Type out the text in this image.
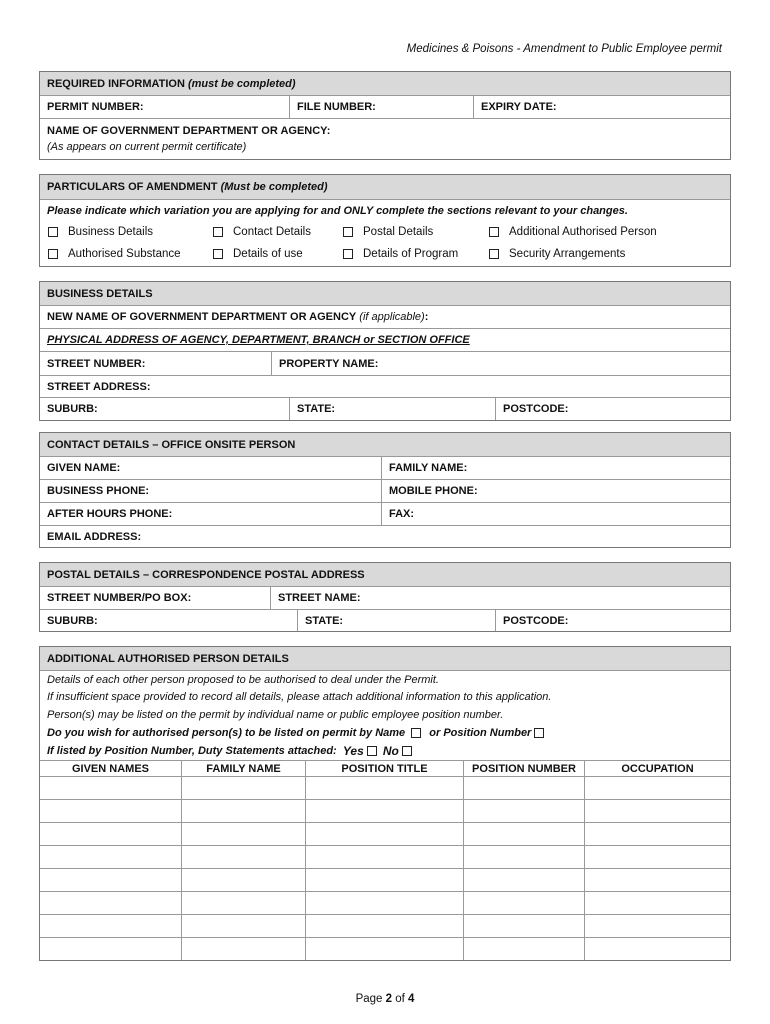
Medicines & Poisons - Amendment to Public Employee permit
REQUIRED INFORMATION
(must be completed)
PERMIT NUMBER:	FILE NUMBER:	EXPIRY DATE:
NAME OF GOVERNMENT DEPARTMENT OR AGENCY:
(As appears on current permit certificate)
PARTICULARS OF AMENDMENT
(Must be completed)
Please indicate which variation you are applying for and ONLY complete the sections relevant to your changes.
Business Details	Contact Details	Postal Details	Additional Authorised Person
Authorised Substance	Details of use	Details of Program	Security Arrangements
BUSINESS DETAILS
NEW NAME OF GOVERNMENT DEPARTMENT OR AGENCY
(if applicable) :
PHYSICAL ADDRESS OF AGENCY, DEPARTMENT, BRANCH or SECTION OFFICE
STREET NUMBER:	PROPERTY NAME:
STREET ADDRESS:
SUBURB:	STATE:	POSTCODE:
CONTACT DETAILS – OFFICE ONSITE PERSON
GIVEN NAME:	FAMILY NAME:
BUSINESS PHONE:	MOBILE PHONE:
AFTER HOURS PHONE:	FAX:
EMAIL ADDRESS:
POSTAL DETAILS – CORRESPONDENCE POSTAL ADDRESS
STREET NUMBER/PO BOX:	STREET NAME:
SUBURB:	STATE:	POSTCODE:
ADDITIONAL AUTHORISED PERSON DETAILS
Details of each other person proposed to be authorised to deal under the Permit.
If insufficient space provided to record all details, please attach additional information to this application.
Person(s) may be listed on the permit by individual name or public employee position number.
Do you wish for authorised person(s) to be listed on permit by Name
or Position Number

If listed by Position Number, Duty Statements attached:
Yes
No

GIVEN NAMES	FAMILY NAME	POSITION TITLE	POSITION NUMBER	OCCUPATION
Page 2 of 4
